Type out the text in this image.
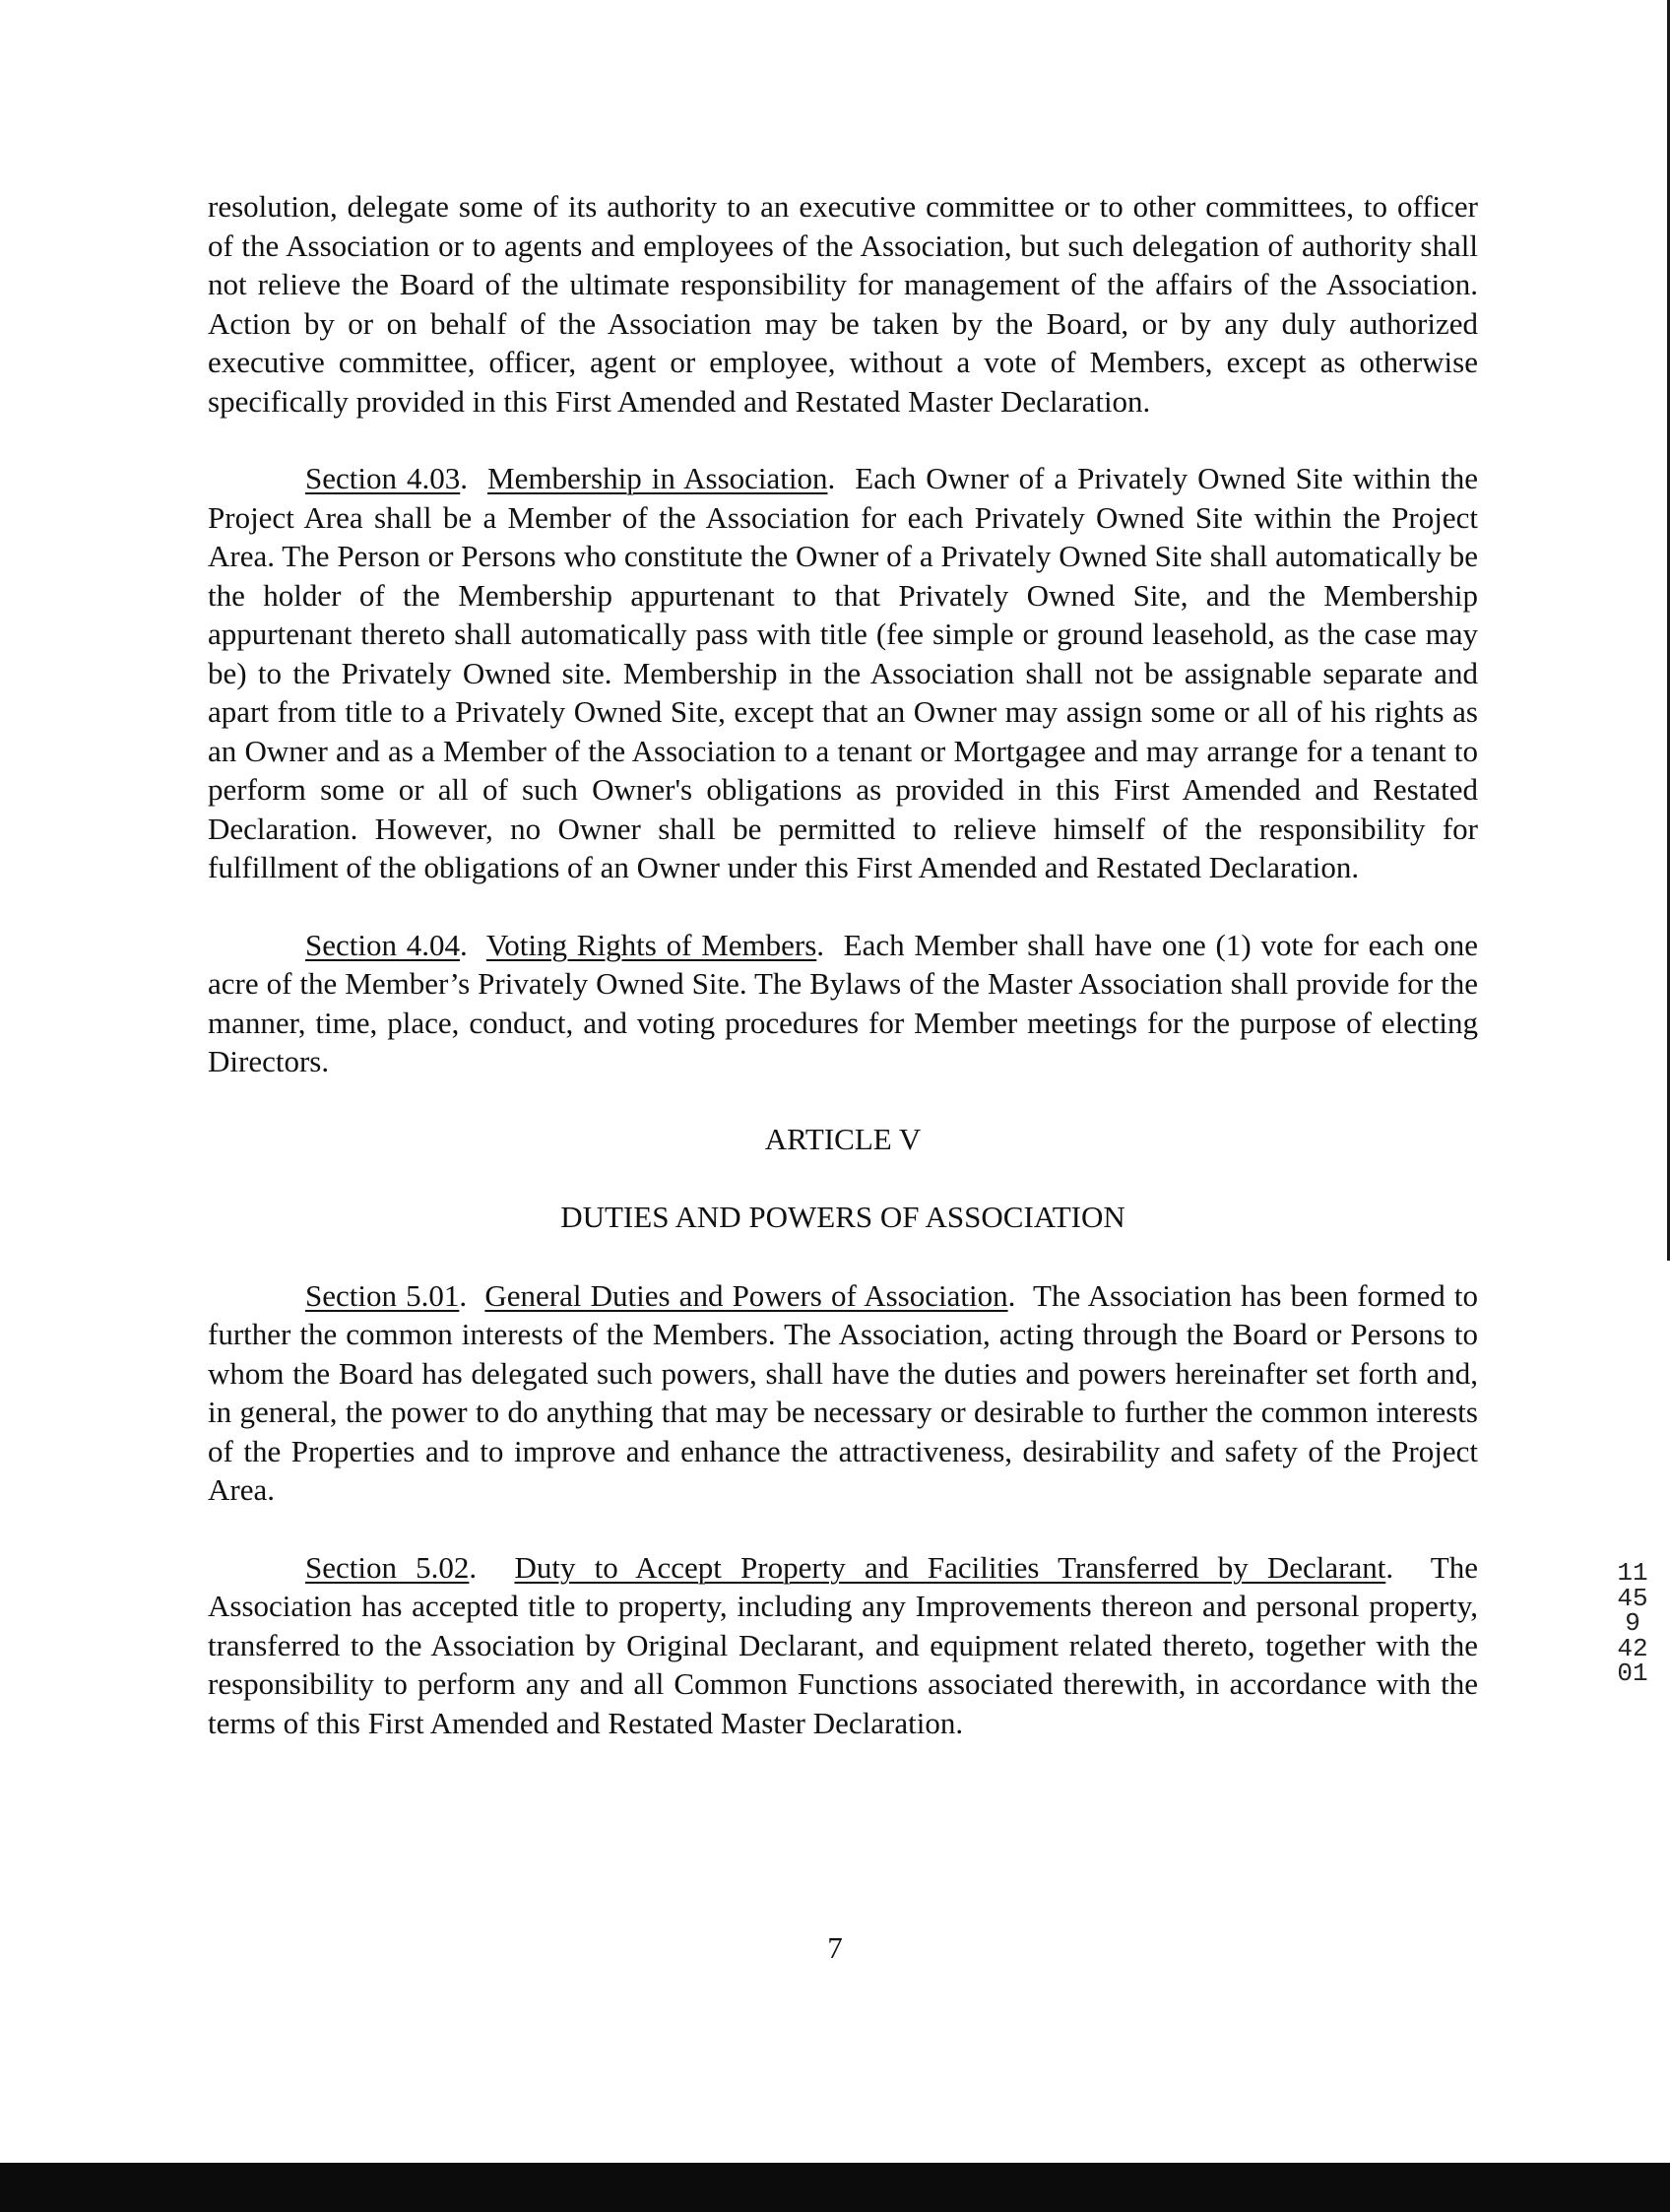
resolution, delegate some of its authority to an executive committee or to other committees, to officer of the Association or to agents and employees of the Association, but such delegation of authority shall not relieve the Board of the ultimate responsibility for management of the affairs of the Association. Action by or on behalf of the Association may be taken by the Board, or by any duly authorized executive committee, officer, agent or employee, without a vote of Members, except as otherwise specifically provided in this First Amended and Restated Master Declaration.

Section 4.03.  Membership in Association.  Each Owner of a Privately Owned Site within the Project Area shall be a Member of the Association for each Privately Owned Site within the Project Area. The Person or Persons who constitute the Owner of a Privately Owned Site shall automatically be the holder of the Membership appurtenant to that Privately Owned Site, and the Membership appurtenant thereto shall automatically pass with title (fee simple or ground leasehold, as the case may be) to the Privately Owned site. Membership in the Association shall not be assignable separate and apart from title to a Privately Owned Site, except that an Owner may assign some or all of his rights as an Owner and as a Member of the Association to a tenant or Mortgagee and may arrange for a tenant to perform some or all of such Owner's obligations as provided in this First Amended and Restated Declaration. However, no Owner shall be permitted to relieve himself of the responsibility for fulfillment of the obligations of an Owner under this First Amended and Restated Declaration.

Section 4.04.  Voting Rights of Members.  Each Member shall have one (1) vote for each one acre of the Member’s Privately Owned Site. The Bylaws of the Master Association shall provide for the manner, time, place, conduct, and voting procedures for Member meetings for the purpose of electing Directors.

ARTICLE V

DUTIES AND POWERS OF ASSOCIATION

Section 5.01.  General Duties and Powers of Association.  The Association has been formed to further the common interests of the Members. The Association, acting through the Board or Persons to whom the Board has delegated such powers, shall have the duties and powers hereinafter set forth and, in general, the power to do anything that may be necessary or desirable to further the common interests of the Properties and to improve and enhance the attractiveness, desirability and safety of the Project Area.

Section 5.02.  Duty to Accept Property and Facilities Transferred by Declarant.  The Association has accepted title to property, including any Improvements thereon and personal property, transferred to the Association by Original Declarant, and equipment related thereto, together with the responsibility to perform any and all Common Functions associated therewith, in accordance with the terms of this First Amended and Restated Master Declaration.

11459 4201
7
